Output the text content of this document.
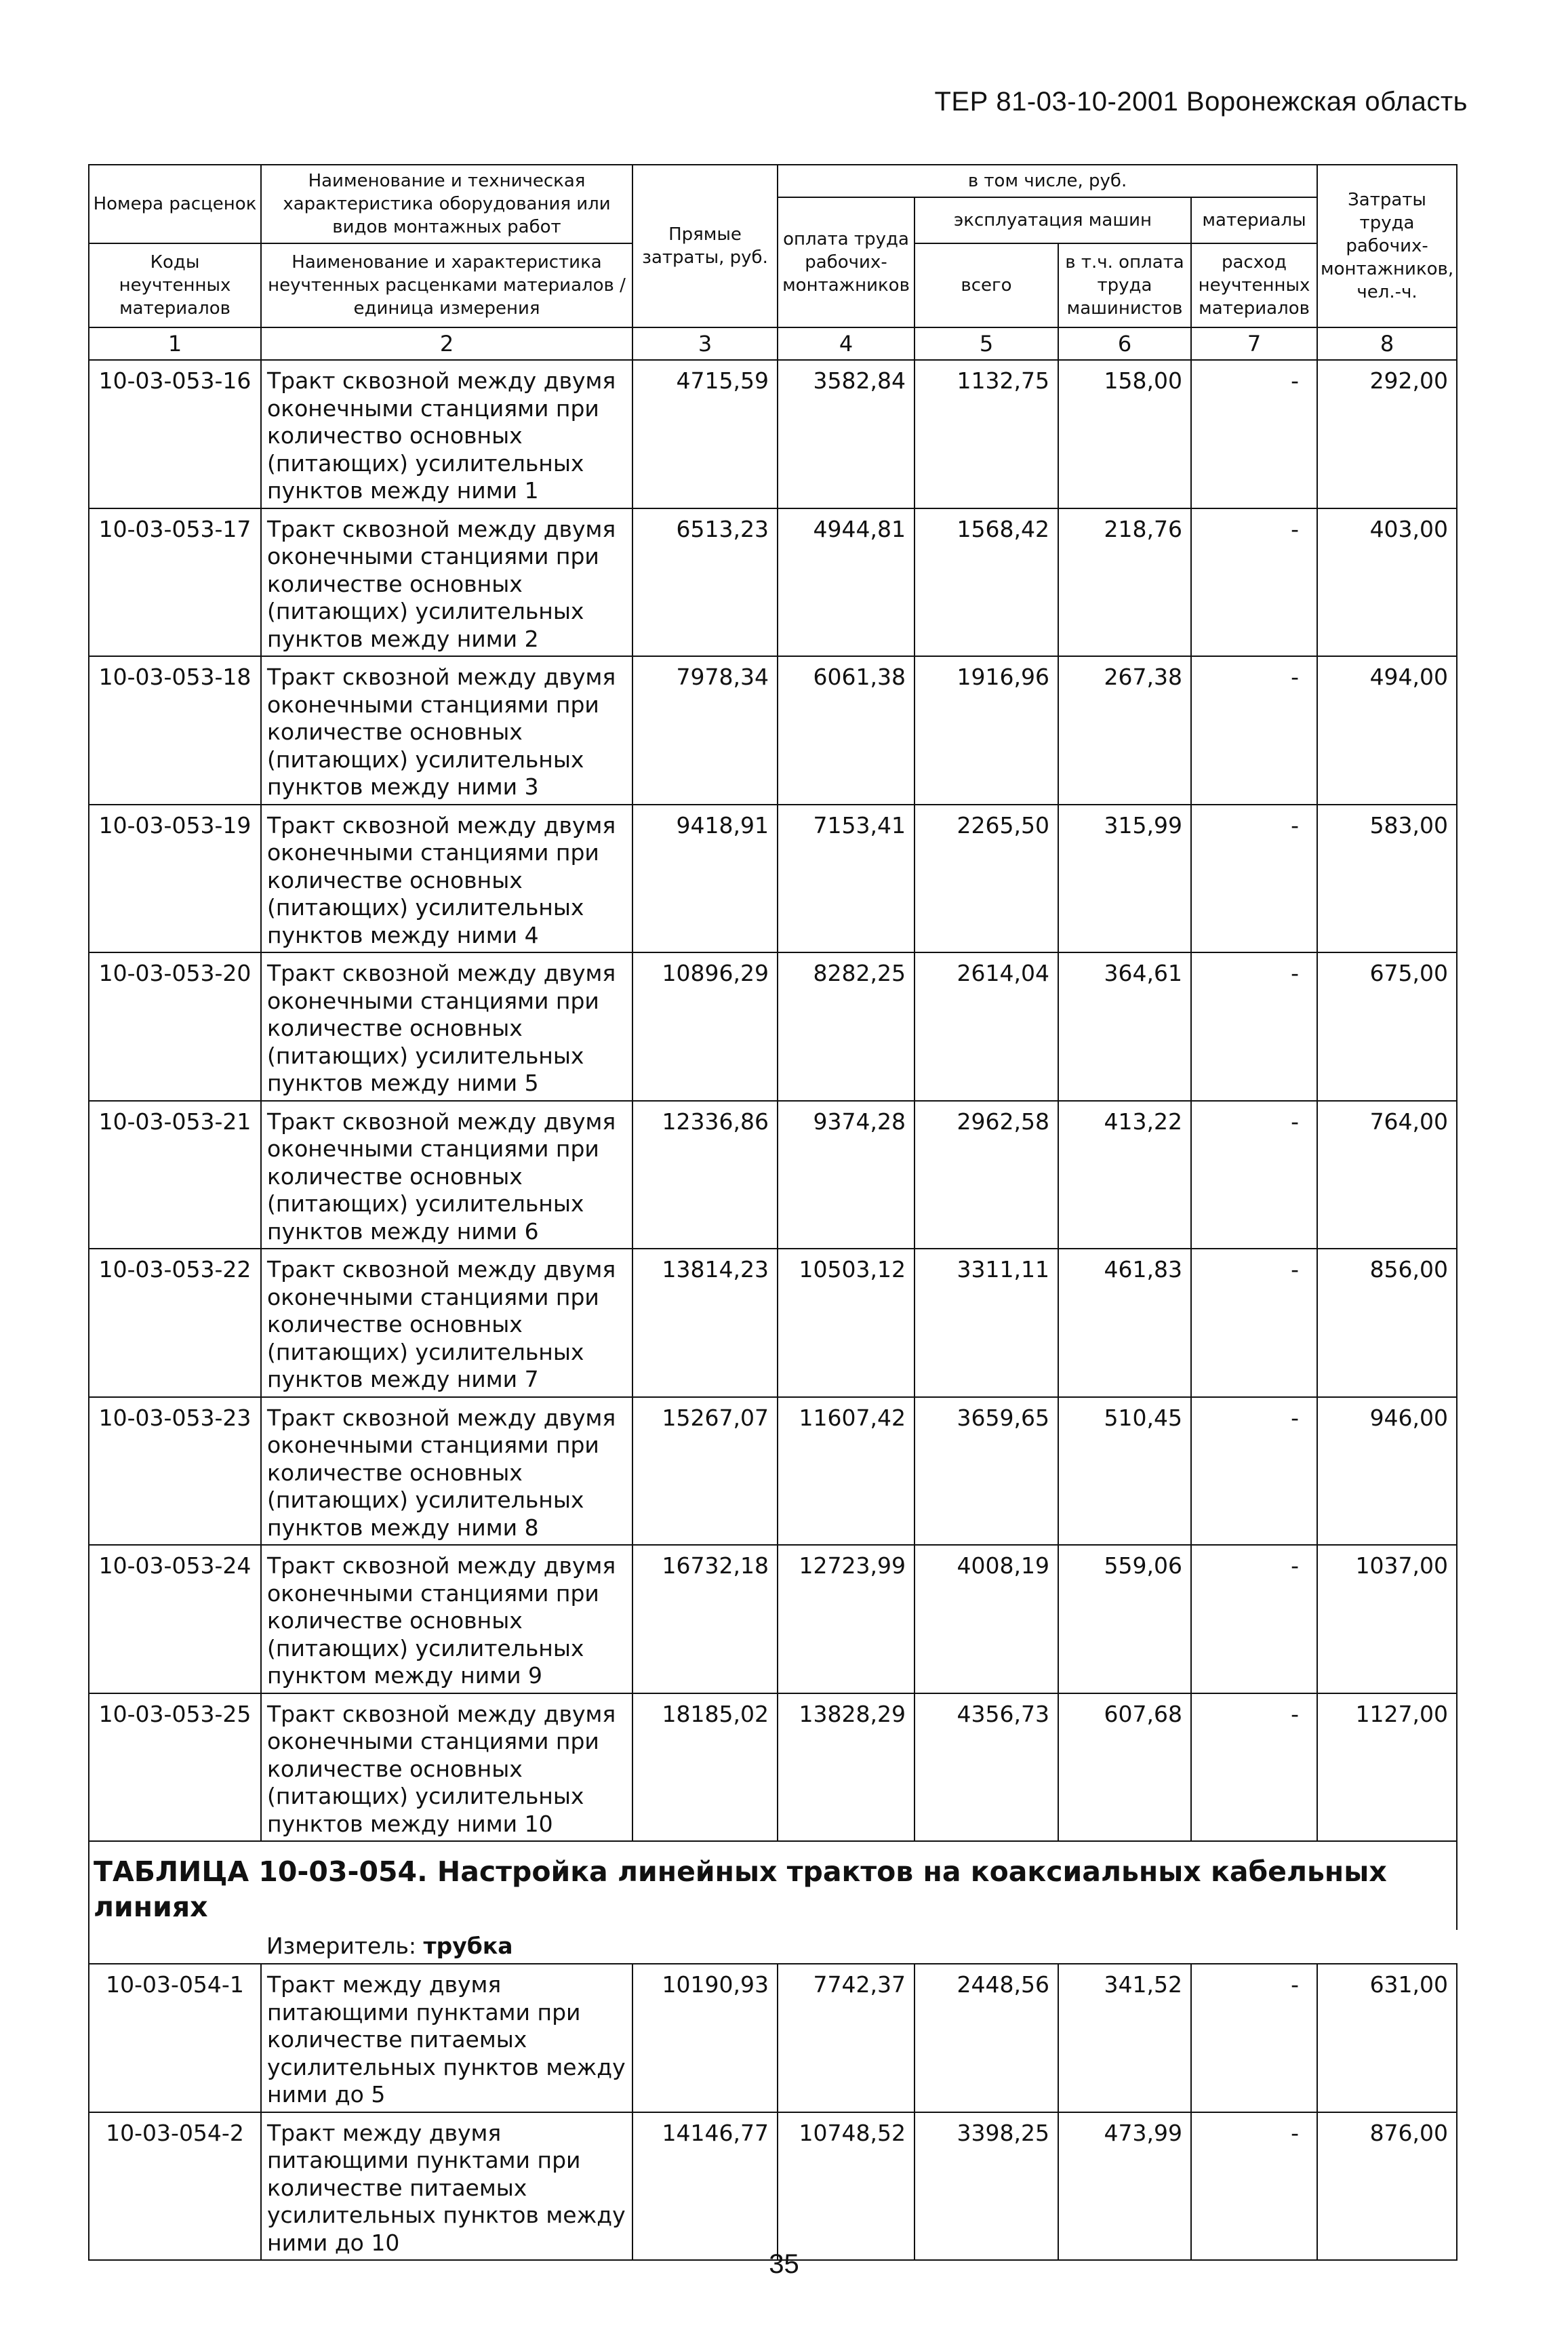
ТЕР 81-03-10-2001 Воронежская область
Номера расценок	Наименование и техническая характеристика оборудования или видов монтажных работ	Прямые затраты, руб.	в том числе, руб.				Затраты труда рабочих-монтажников, чел.-ч.
			оплата труда рабочих-монтажников	эксплуатация машин		материалы	
Коды неучтенных материалов	Наименование и характеристика неучтенных расценками материалов / единица измерения			всего	в т.ч. оплата труда машинистов	расход неучтенных материалов	

1	2	3	4	5	6	7	8
10-03-053-16	Тракт сквозной между двумя оконечными станциями при количество основных (питающих) усилительных пунктов между ними 1	4715,59	3582,84	1132,75	158,00	-	292,00
10-03-053-17	Тракт сквозной между двумя оконечными станциями при количестве основных (питающих) усилительных пунктов между ними 2	6513,23	4944,81	1568,42	218,76	-	403,00
10-03-053-18	Тракт сквозной между двумя оконечными станциями при количестве основных (питающих) усилительных пунктов между ними 3	7978,34	6061,38	1916,96	267,38	-	494,00
10-03-053-19	Тракт сквозной между двумя оконечными станциями при количестве основных (питающих) усилительных пунктов между ними 4	9418,91	7153,41	2265,50	315,99	-	583,00
10-03-053-20	Тракт сквозной между двумя оконечными станциями при количестве основных (питающих) усилительных пунктов между ними 5	10896,29	8282,25	2614,04	364,61	-	675,00
10-03-053-21	Тракт сквозной между двумя оконечными станциями при количестве основных (питающих) усилительных пунктов между ними 6	12336,86	9374,28	2962,58	413,22	-	764,00
10-03-053-22	Тракт сквозной между двумя оконечными станциями при количестве основных (питающих) усилительных пунктов между ними 7	13814,23	10503,12	3311,11	461,83	-	856,00
10-03-053-23	Тракт сквозной между двумя оконечными станциями при количестве основных (питающих) усилительных пунктов между ними 8	15267,07	11607,42	3659,65	510,45	-	946,00
10-03-053-24	Тракт сквозной между двумя оконечными станциями при количестве основных (питающих) усилительных пунктом между ними 9	16732,18	12723,99	4008,19	559,06	-	1037,00
10-03-053-25	Тракт сквозной между двумя оконечными станциями при количестве основных (питающих) усилительных пунктов между ними 10	18185,02	13828,29	4356,73	607,68	-	1127,00
ТАБЛИЦА 10-03-054. Настройка линейных трактов на коаксиальных кабельных линиях							
	Измеритель: трубка						
10-03-054-1	Тракт между двумя питающими пунктами при количестве питаемых усилительных пунктов между ними до 5	10190,93	7742,37	2448,56	341,52	-	631,00
10-03-054-2	Тракт между двумя питающими пунктами при количестве питаемых усилительных пунктов между ними до 10	14146,77	10748,52	3398,25	473,99	-	876,00
35
